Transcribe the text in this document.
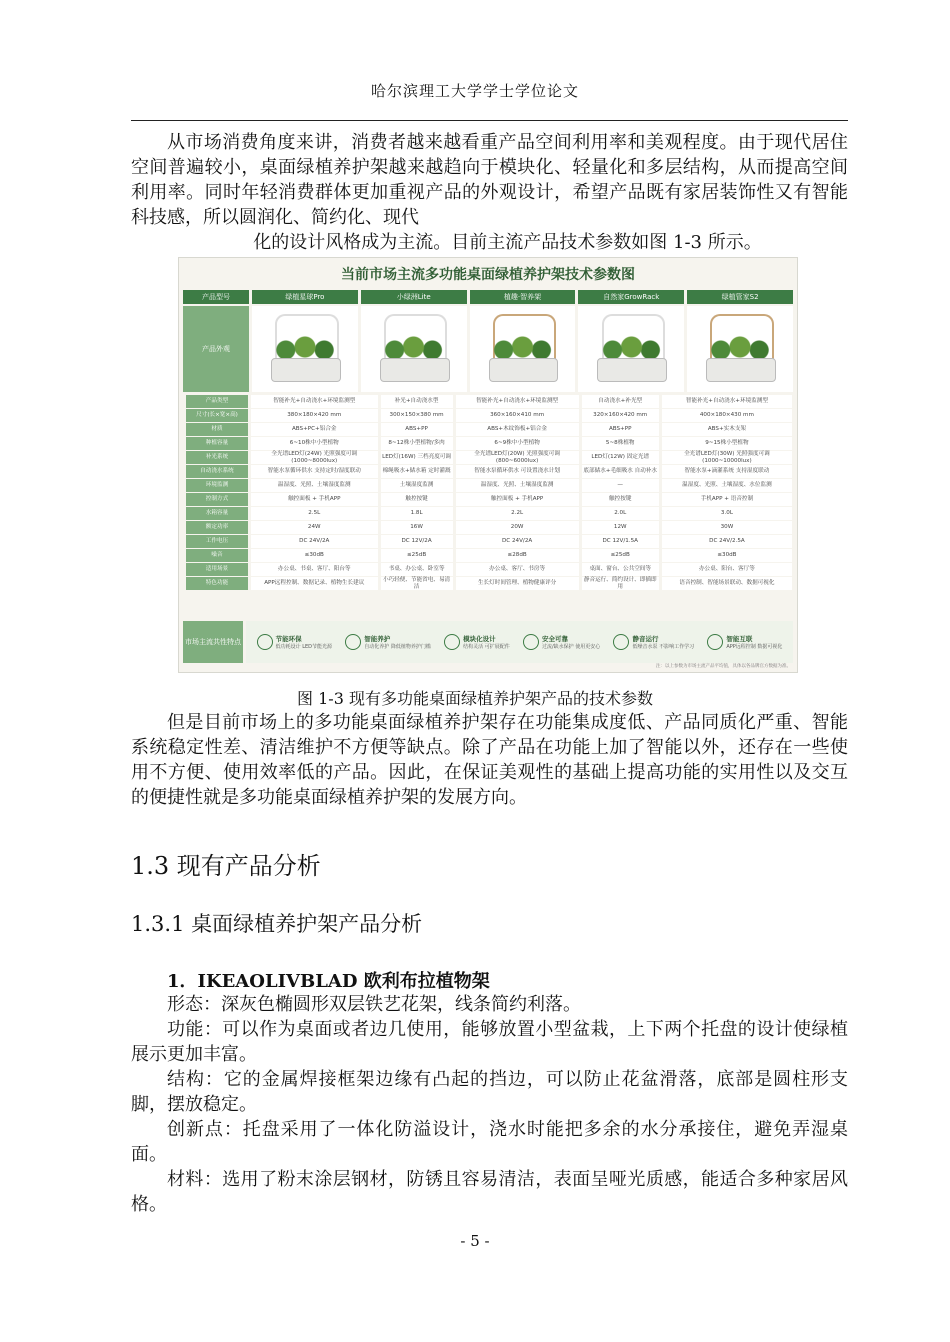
哈尔滨理工大学学士学位论文

从市场消费角度来讲，消费者越来越看重产品空间利用率和美观程度。由于现代居住空间普遍较小，桌面绿植养护架越来越趋向于模块化、轻量化和多层结构，从而提高空间利用率。同时年轻消费群体更加重视产品的外观设计，希望产品既有家居装饰性又有智能科技感，所以圆润化、简约化、现代

化的设计风格成为主流。目前主流产品技术参数如图 1-3 所示。

当前市场主流多功能桌面绿植养护架技术参数图
产品型号	绿植星球Pro	小绿洲Lite	植趣·智养架	自然家GrowRack	绿植管家S2
产品外观
产品类型	智能补光+自动浇水+环境监测型	补光+自动浇水型	智能补光+自动浇水+环境监测型	自动浇水+补光型	智能补光+自动浇水+环境监测型
尺寸(长×宽×高)	380×180×420 mm	300×150×380 mm	360×160×410 mm	320×160×420 mm	400×180×430 mm
材质	ABS+PC+铝合金	ABS+PP	ABS+木纹饰板+铝合金	ABS+PP	ABS+实木支架
种植容量	6~10株中小型植物	8~12株小型植物/多肉	6~9株中小型植物	5~8株植物	9~15株小型植物
补光系统	全光谱LED灯(24W) 光照强度可调(1000~8000lux)	LED灯(16W) 三档亮度可调	全光谱LED灯(20W) 光照强度可调(800~6000lux)	LED灯(12W) 固定光谱	全光谱LED灯(30W) 光照强度可调(1000~10000lux)
自动浇水系统	智能水泵循环供水 支持定时/湿度联动	棉绳吸水+储水箱 定时灌溉	智能水泵循环供水 可设置浇水计划	底部储水+毛细吸水 自动补水	智能水泵+滴灌系统 支持湿度联动
环境监测	温湿度、光照、土壤湿度监测	土壤湿度监测	温湿度、光照、土壤湿度监测	—	温湿度、光照、土壤湿度、水位监测
控制方式	触控面板 + 手机APP	触控按键	触控面板 + 手机APP	触控按键	手机APP + 语音控制
水箱容量	2.5L	1.8L	2.2L	2.0L	3.0L
额定功率	24W	16W	20W	12W	30W
工作电压	DC 24V/2A	DC 12V/2A	DC 24V/2A	DC 12V/1.5A	DC 24V/2.5A
噪音	≤30dB	≤25dB	≤28dB	≤25dB	≤30dB
适用场景	办公桌、书桌、客厅、阳台等	书桌、办公桌、卧室等	办公桌、客厅、书房等	桌面、窗台、公共空间等	办公桌、阳台、客厅等
特色功能	APP远程控制、数据记录、植物生长建议	小巧轻便、节能省电、易清洁	生长灯时间管理、植物健康评分	静音运行、简约设计、即插即用	语音控制、智能场景联动、数据可视化
市场主流共性特点	节能环保
低功耗设计 LED节能光源
智能养护
自动化养护 降低植物养护门槛
模块化设计
结构灵活 可扩展配件
安全可靠
过流/缺水保护 使用更安心
静音运行
低噪音水泵 不影响工作学习
智能互联
APP远程控制 数据可视化
注：以上参数为市场主流产品平均值，具体以各品牌官方数据为准。
图 1-3 现有多功能桌面绿植养护架产品的技术参数

但是目前市场上的多功能桌面绿植养护架存在功能集成度低、产品同质化严重、智能系统稳定性差、清洁维护不方便等缺点。除了产品在功能上加了智能以外，还存在一些使用不方便、使用效率低的产品。因此，在保证美观性的基础上提高功能的实用性以及交互的便捷性就是多功能桌面绿植养护架的发展方向。

1.3 现有产品分析
1.3.1 桌面绿植养护架产品分析
1．IKEAOLIVBLAD 欧利布拉植物架

形态：深灰色椭圆形双层铁艺花架，线条简约利落。

功能：可以作为桌面或者边几使用，能够放置小型盆栽，上下两个托盘的设计使绿植展示更加丰富。

结构：它的金属焊接框架边缘有凸起的挡边，可以防止花盆滑落，底部是圆柱形支脚，摆放稳定。

创新点：托盘采用了一体化防溢设计，浇水时能把多余的水分承接住，避免弄湿桌面。

材料：选用了粉末涂层钢材，防锈且容易清洁，表面呈哑光质感，能适合多种家居风格。

- 5 -
